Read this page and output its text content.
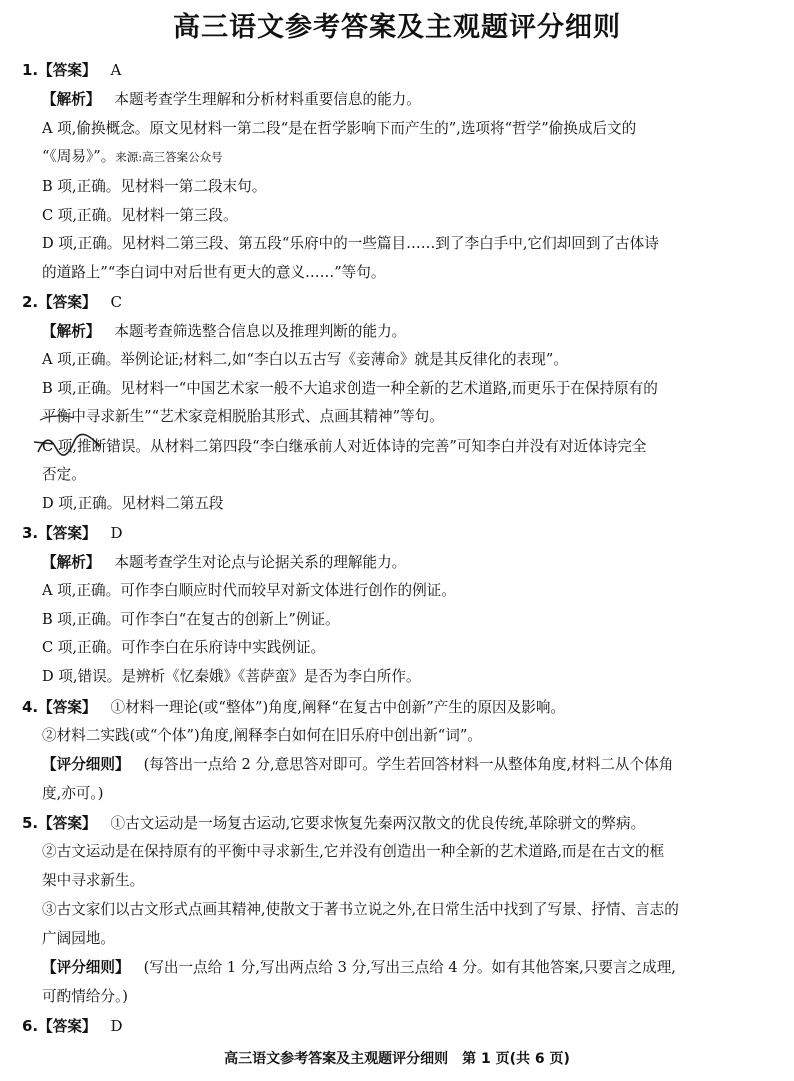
高三语文参考答案及主观题评分细则
1.【答案】 A
【解析】 本题考查学生理解和分析材料重要信息的能力。
A 项,偷换概念。原文见材料一第二段“是在哲学影响下而产生的”,选项将“哲学”偷换成后文的
“《周易》”。来源:高三答案公众号
B 项,正确。见材料一第二段末句。
C 项,正确。见材料一第三段。
D 项,正确。见材料二第三段、第五段“乐府中的一些篇目……到了李白手中,它们却回到了古体诗
的道路上”“李白词中对后世有更大的意义……”等句。
2.【答案】 C
【解析】 本题考查筛选整合信息以及推理判断的能力。
A 项,正确。举例论证;材料二,如“李白以五古写《妾薄命》就是其反律化的表现”。
B 项,正确。见材料一“中国艺术家一般不大追求创造一种全新的艺术道路,而更乐于在保持原有的
平衡中寻求新生”“艺术家竞相脱胎其形式、点画其精神”等句。
C 项,推断错误。从材料二第四段“李白继承前人对近体诗的完善”可知李白并没有对近体诗完全
否定。
D 项,正确。见材料二第五段
3.【答案】 D
【解析】 本题考查学生对论点与论据关系的理解能力。
A 项,正确。可作李白顺应时代而较早对新文体进行创作的例证。
B 项,正确。可作李白“在复古的创新上”例证。
C 项,正确。可作李白在乐府诗中实践例证。
D 项,错误。是辨析《忆秦娥》《菩萨蛮》是否为李白所作。
4.【答案】 ①材料一理论(或“整体”)角度,阐释“在复古中创新”产生的原因及影响。
②材料二实践(或“个体”)角度,阐释李白如何在旧乐府中创出新“词”。
【评分细则】 (每答出一点给 2 分,意思答对即可。学生若回答材料一从整体角度,材料二从个体角
度,亦可。)
5.【答案】 ①古文运动是一场复古运动,它要求恢复先秦两汉散文的优良传统,革除骈文的弊病。
②古文运动是在保持原有的平衡中寻求新生,它并没有创造出一种全新的艺术道路,而是在古文的框
架中寻求新生。
③古文家们以古文形式点画其精神,使散文于著书立说之外,在日常生活中找到了写景、抒情、言志的
广阔园地。
【评分细则】 (写出一点给 1 分,写出两点给 3 分,写出三点给 4 分。如有其他答案,只要言之成理,
可酌情给分。)
6.【答案】 D
高三语文参考答案及主观题评分细则　第 1 页(共 6 页)
